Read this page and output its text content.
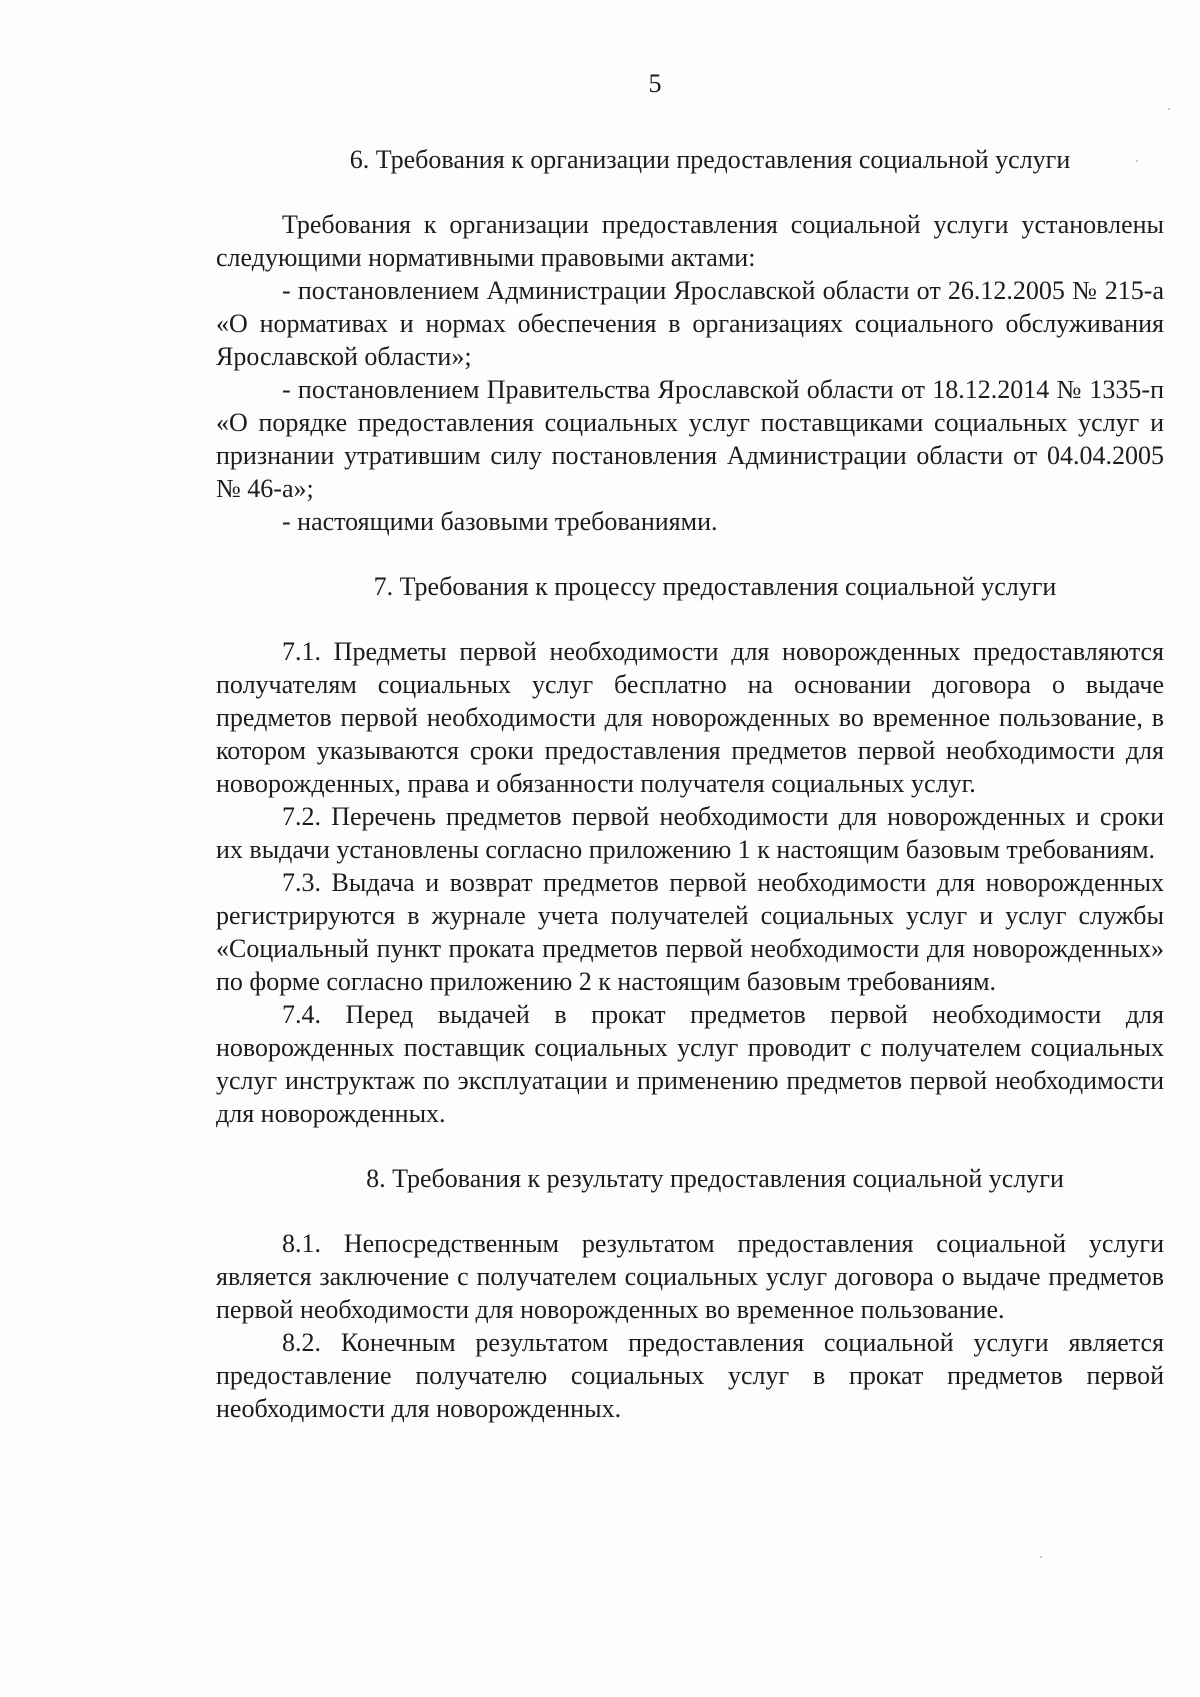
5
6. Требования к организации предоставления социальной услуги

Требования к организации предоставления социальной услуги установлены следующими нормативными правовыми актами:

- постановлением Администрации Ярославской области от 26.12.2005 № 215-а «О нормативах и нормах обеспечения в организациях социального обслуживания Ярославской области»;

- постановлением Правительства Ярославской области от 18.12.2014 № 1335-п «О порядке предоставления социальных услуг поставщиками социальных услуг и признании утратившим силу постановления Администрации области от 04.04.2005 № 46-а»;

- настоящими базовыми требованиями.

7. Требования к процессу предоставления социальной услуги

7.1. Предметы первой необходимости для новорожденных предоставляются получателям социальных услуг бесплатно на основании договора о выдаче предметов первой необходимости для новорожденных во временное пользование, в котором указываются сроки предоставления предметов первой необходимости для новорожденных, права и обязанности получателя социальных услуг.

7.2. Перечень предметов первой необходимости для новорожденных и сроки их выдачи установлены согласно приложению 1 к настоящим базовым требованиям.

7.3. Выдача и возврат предметов первой необходимости для новорожденных регистрируются в журнале учета получателей социальных услуг и услуг службы «Социальный пункт проката предметов первой необходимости для новорожденных» по форме согласно приложению 2 к настоящим базовым требованиям.

7.4. Перед выдачей в прокат предметов первой необходимости для новорожденных поставщик социальных услуг проводит с получателем социальных услуг инструктаж по эксплуатации и применению предметов первой необходимости для новорожденных.

8. Требования к результату предоставления социальной услуги

8.1. Непосредственным результатом предоставления социальной услуги является заключение с получателем социальных услуг договора о выдаче предметов первой необходимости для новорожденных во временное пользование.

8.2. Конечным результатом предоставления социальной услуги является предоставление получателю социальных услуг в прокат предметов первой необходимости для новорожденных.
